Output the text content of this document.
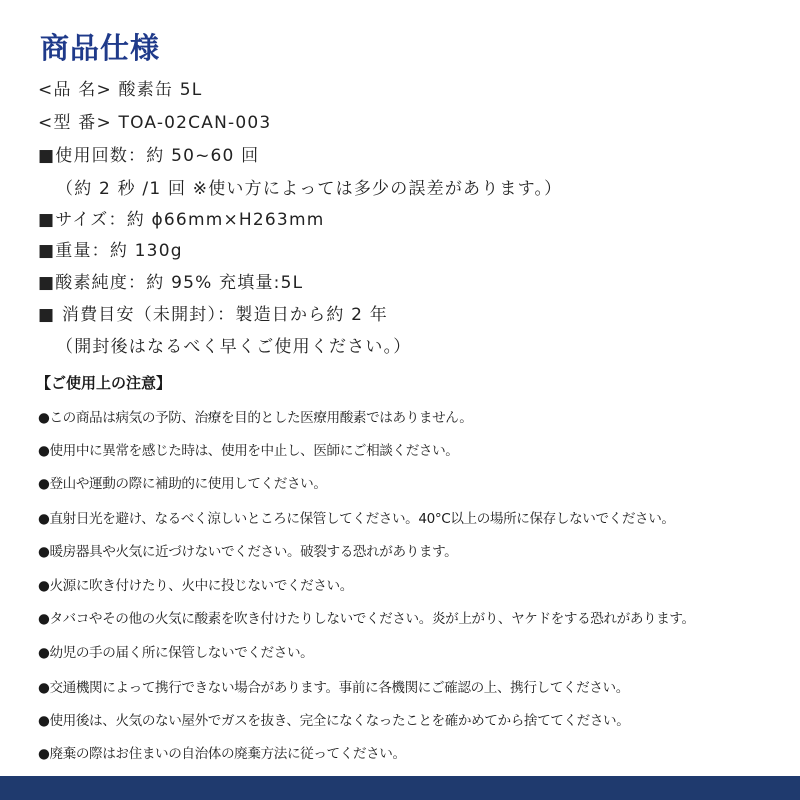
商品仕様
<品 名> 酸素缶 5L
<型 番> TOA-02CAN-003
■使用回数：約 50~60 回
（約 2 秒 /1 回 ※使い方によっては多少の誤差があります。）
■サイズ：約 ϕ66mm×H263mm
■重量：約 130g
■酸素純度：約 95% 充填量:5L
■ 消費目安（未開封）：製造日から約 2 年
（開封後はなるべく早くご使用ください。）
【ご使用上の注意】
●この商品は病気の予防、治療を目的とした医療用酸素ではありません。
●使用中に異常を感じた時は、使用を中止し、医師にご相談ください。
●登山や運動の際に補助的に使用してください。
●直射日光を避け、なるべく涼しいところに保管してください。40°C以上の場所に保存しないでください。
●暖房器具や火気に近づけないでください。破裂する恐れがあります。
●火源に吹き付けたり、火中に投じないでください。
●タバコやその他の火気に酸素を吹き付けたりしないでください。炎が上がり、ヤケドをする恐れがあります。
●幼児の手の届く所に保管しないでください。
●交通機関によって携行できない場合があります。事前に各機関にご確認の上、携行してください。
●使用後は、火気のない屋外でガスを抜き、完全になくなったことを確かめてから捨ててください。
●廃棄の際はお住まいの自治体の廃棄方法に従ってください。
